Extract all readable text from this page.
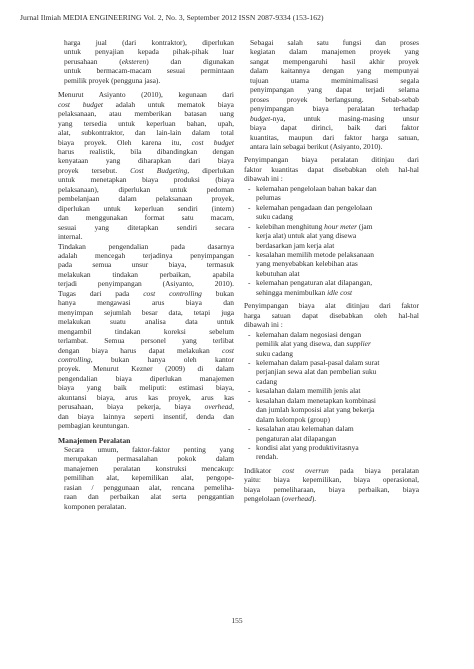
Jurnal Ilmiah MEDIA ENGINEERING Vol. 2, No. 3, September 2012 ISSN 2087-9334 (153-162)

harga jual (dari kontraktor), diperlukan

untuk penyajian kepada pihak-pihak luar

perusahaan (eksteren) dan digunakan

untuk bermacam-macam sesuai permintaan

pemilik proyek (pengguna jasa).

Menurut Asiyanto (2010), kegunaan dari

cost budget adalah untuk mematok biaya

pelaksanaan, atau memberikan batasan uang

yang tersedia untuk keperluan bahan, upah,

alat, subkontraktor, dan lain-lain dalam total

biaya proyek. Oleh karena itu, cost budget

harus realistik, bila dibandingkan dengan

kenyataan yang diharapkan dari biaya

proyek tersebut. Cost Budgeting, diperlukan

untuk menetapkan biaya produksi (biaya

pelaksanaan), diperlukan untuk pedoman

pembelanjaan dalam pelaksanaan proyek,

diperlukan untuk keperluan sendiri (intern)

dan menggunakan format satu macam,

sesuai yang ditetapkan sendiri secara

internal.

Tindakan pengendalian pada dasarnya

adalah mencegah terjadinya penyimpangan

pada semua unsur biaya, termasuk

melakukan tindakan perbaikan, apabila

terjadi penyimpangan (Asiyanto, 2010).

Tugas dari pada cost controlling bukan

hanya mengawasi arus biaya dan

menyimpan sejumlah besar data, tetapi juga

melakukan suatu analisa data untuk

mengambil tindakan koreksi sebelum

terlambat. Semua personel yang terlibat

dengan biaya harus dapat melakukan cost

controlling, bukan hanya oleh kantor

proyek. Menurut Kezner (2009) di dalam

pengendalian biaya diperlukan manajemen

biaya yang baik meliputi: estimasi biaya,

akuntansi biaya, arus kas proyek, arus kas

perusahaan, biaya pekerja, biaya overhead,

dan biaya lainnya seperti insentif, denda dan

pembagian keuntungan.

Manajemen Peralatan

Secara umum, faktor-faktor penting yang

merupakan permasalahan pokok dalam

manajemen peralatan konstruksi mencakup:

pemilihan alat, kepemilikan alat, pengope-

rasian / penggunaan alat, rencana pemeliha-

raan dan perbaikan alat serta penggantian

komponen peralatan.

Sebagai salah satu fungsi dan proses

kegiatan dalam manajemen proyek yang

sangat mempengaruhi hasil akhir proyek

dalam kaitannya dengan yang mempunyai

tujuan utama meminimalisasi segala

penyimpangan yang dapat terjadi selama

proses proyek berlangsung. Sebab-sebab

penyimpangan biaya peralatan terhadap

budget-nya, untuk masing-masing unsur

biaya dapat dirinci, baik dari faktor

kuantitas, maupun dari faktor harga satuan,

antara lain sebagai berikut (Asiyanto, 2010).

Penyimpangan biaya peralatan ditinjau dari

faktor kuantitas dapat disebabkan oleh hal-hal

dibawah ini :

- kelemahan pengelolaan bahan bakar dan
pelumas
- kelemahan pengadaan dan pengelolaan
suku cadang
- kelebihan menghitung hour meter (jam
kerja alat) untuk alat yang disewa
berdasarkan jam kerja alat
- kesalahan memilih metode pelaksanaan
yang menyebabkan kelebihan atas
kebutuhan alat
- kelemahan pengaturan alat dilapangan,
sehingga menimbulkan idle cost

Penyimpangan biaya alat ditinjau dari faktor

harga satuan dapat disebabkan oleh hal-hal

dibawah ini :

- kelemahan dalam negosiasi dengan
pemilik alat yang disewa, dan supplier
suku cadang
- kelemahan dalam pasal-pasal dalam surat
perjanjian sewa alat dan pembelian suku
cadang
- kesalahan dalam memilih jenis alat
- kesalahan dalam menetapkan kombinasi
dan jumlah komposisi alat yang bekerja
dalam kelompok (group)
- kesalahan atau kelemahan dalam
pengaturan alat dilapangan
- kondisi alat yang produktivitasnya
rendah.

Indikator cost overrun pada biaya peralatan

yaitu: biaya kepemilikan, biaya operasional,

biaya pemeliharaan, biaya perbaikan, biaya

pengelolaan (overhead).

155
